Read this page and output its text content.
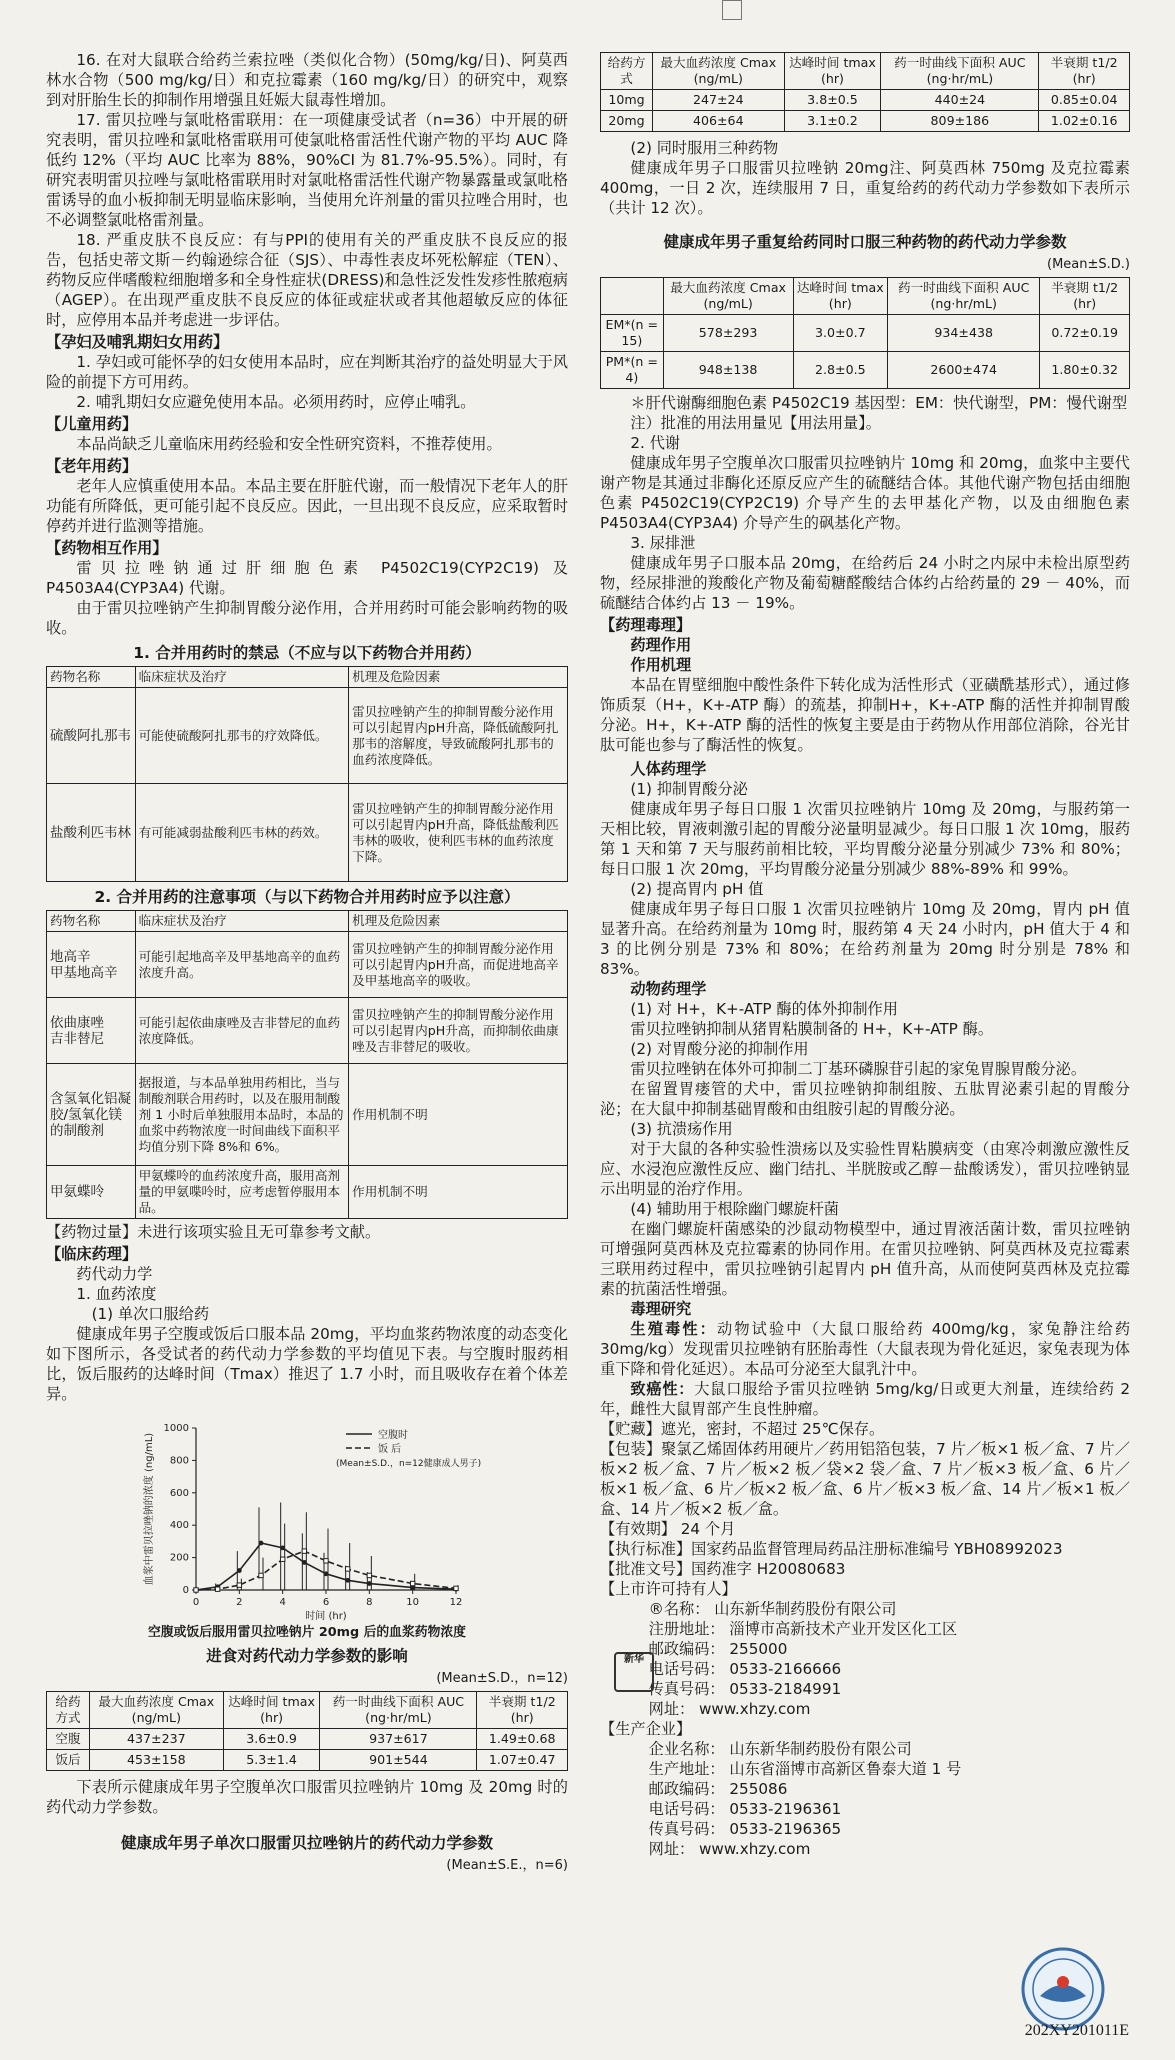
16. 在对大鼠联合给药兰索拉唑（类似化合物）(50mg/kg/日)、阿莫西林水合物（500 mg/kg/日）和克拉霉素（160 mg/kg/日）的研究中，观察到对肝胎生长的抑制作用增强且妊娠大鼠毒性增加。

17. 雷贝拉唑与氯吡格雷联用：在一项健康受试者（n=36）中开展的研究表明，雷贝拉唑和氯吡格雷联用可使氯吡格雷活性代谢产物的平均 AUC 降低约 12%（平均 AUC 比率为 88%，90%CI 为 81.7%-95.5%）。同时，有研究表明雷贝拉唑与氯吡格雷联用时对氯吡格雷活性代谢产物暴露量或氯吡格雷诱导的血小板抑制无明显临床影响，当使用允许剂量的雷贝拉唑合用时，也不必调整氯吡格雷剂量。

18. 严重皮肤不良反应：有与PPI的使用有关的严重皮肤不良反应的报告，包括史蒂文斯－约翰逊综合征（SJS）、中毒性表皮坏死松解症（TEN）、药物反应伴嗜酸粒细胞增多和全身性症状(DRESS)和急性泛发性发疹性脓疱病（AGEP）。在出现严重皮肤不良反应的体征或症状或者其他超敏反应的体征时，应停用本品并考虑进一步评估。

【孕妇及哺乳期妇女用药】

1. 孕妇或可能怀孕的妇女使用本品时，应在判断其治疗的益处明显大于风险的前提下方可用药。

2. 哺乳期妇女应避免使用本品。必须用药时，应停止哺乳。

【儿童用药】

本品尚缺乏儿童临床用药经验和安全性研究资料，不推荐使用。

【老年用药】

老年人应慎重使用本品。本品主要在肝脏代谢，而一般情况下老年人的肝功能有所降低，更可能引起不良反应。因此，一旦出现不良反应，应采取暂时停药并进行监测等措施。

【药物相互作用】

雷贝拉唑钠通过肝细胞色素 P4502C19(CYP2C19) 及 P4503A4(CYP3A4) 代谢。

由于雷贝拉唑钠产生抑制胃酸分泌作用，合并用药时可能会影响药物的吸收。

1. 合并用药时的禁忌（不应与以下药物合并用药）
药物名称	临床症状及治疗	机理及危险因素
硫酸阿扎那韦	可能使硫酸阿扎那韦的疗效降低。	雷贝拉唑钠产生的抑制胃酸分泌作用可以引起胃内pH升高，降低硫酸阿扎那韦的溶解度，导致硫酸阿扎那韦的血药浓度降低。
盐酸利匹韦林	有可能减弱盐酸利匹韦林的药效。	雷贝拉唑钠产生的抑制胃酸分泌作用可以引起胃内pH升高，降低盐酸利匹韦林的吸收，使利匹韦林的血药浓度下降。
2. 合并用药的注意事项（与以下药物合并用药时应予以注意）
药物名称	临床症状及治疗	机理及危险因素
地高辛
甲基地高辛	可能引起地高辛及甲基地高辛的血药浓度升高。	雷贝拉唑钠产生的抑制胃酸分泌作用可以引起胃内pH升高，而促进地高辛及甲基地高辛的吸收。
依曲康唑
吉非替尼	可能引起依曲康唑及吉非替尼的血药浓度降低。	雷贝拉唑钠产生的抑制胃酸分泌作用可以引起胃内pH升高，而抑制依曲康唑及吉非替尼的吸收。
含氢氧化铝凝胶/氢氧化镁的制酸剂	据报道，与本品单独用药相比，当与制酸剂联合用药时，以及在服用制酸剂 1 小时后单独服用本品时，本品的血浆中药物浓度一时间曲线下面积平均值分别下降 8%和 6%。	作用机制不明
甲氨蝶呤	甲氨蝶呤的血药浓度升高，服用高剂量的甲氨喋呤时，应考虑暂停服用本品。	作用机制不明

【药物过量】未进行该项实验且无可靠参考文献。

【临床药理】

药代动力学

1. 血药浓度

(1) 单次口服给药

健康成年男子空腹或饭后口服本品 20mg，平均血浆药物浓度的动态变化如下图所示，各受试者的药代动力学参数的平均值见下表。与空腹时服药相比，饭后服药的达峰时间（Tmax）推迟了 1.7 小时，而且吸收存在着个体差异。

0	2	4	6	8	10	12
1000
800
600
400
200
0
时间 (hr)
血浆中雷贝拉唑钠的浓度 (ng/mL)	空腹时
饭 后
(Mean±S.D.，n=12健康成人男子)
空腹或饭后服用雷贝拉唑钠片 20mg 后的血浆药物浓度
进食对药代动力学参数的影响
(Mean±S.D.，n=12)
给药方式	最大血药浓度 Cmax (ng/mL)	达峰时间 tmax (hr)	药一时曲线下面积 AUC (ng·hr/mL)	半衰期 t1/2 (hr)
空腹	437±237	3.6±0.9	937±617	1.49±0.68
饭后	453±158	5.3±1.4	901±544	1.07±0.47

下表所示健康成年男子空腹单次口服雷贝拉唑钠片 10mg 及 20mg 时的药代动力学参数。

健康成年男子单次口服雷贝拉唑钠片的药代动力学参数
(Mean±S.E.，n=6)
给药方式	最大血药浓度 Cmax (ng/mL)	达峰时间 tmax (hr)	药一时曲线下面积 AUC (ng·hr/mL)	半衰期 t1/2 (hr)
10mg	247±24	3.8±0.5	440±24	0.85±0.04
20mg	406±64	3.1±0.2	809±186	1.02±0.16

(2) 同时服用三种药物

健康成年男子口服雷贝拉唑钠 20mg注、阿莫西林 750mg 及克拉霉素 400mg，一日 2 次，连续服用 7 日，重复给药的药代动力学参数如下表所示（共计 12 次）。

健康成年男子重复给药同时口服三种药物的药代动力学参数
(Mean±S.D.)
	最大血药浓度 Cmax (ng/mL)	达峰时间 tmax (hr)	药一时曲线下面积 AUC (ng·hr/mL)	半衰期 t1/2 (hr)
EM*(n = 15)	578±293	3.0±0.7	934±438	0.72±0.19
PM*(n = 4)	948±138	2.8±0.5	2600±474	1.80±0.32

＊肝代谢酶细胞色素 P4502C19 基因型：EM：快代谢型，PM：慢代谢型

注）批准的用法用量见【用法用量】。

2. 代谢

健康成年男子空腹单次口服雷贝拉唑钠片 10mg 和 20mg，血浆中主要代谢产物是其通过非酶化还原反应产生的硫醚结合体。其他代谢产物包括由细胞色素 P4502C19(CYP2C19) 介导产生的去甲基化产物，以及由细胞色素 P4503A4(CYP3A4) 介导产生的砜基化产物。

3. 尿排泄

健康成年男子口服本品 20mg，在给药后 24 小时之内尿中未检出原型药物，经尿排泄的羧酸化产物及葡萄糖醛酸结合体约占给药量的 29 － 40%，而硫醚结合体约占 13 － 19%。

【药理毒理】

药理作用

作用机理

本品在胃壁细胞中酸性条件下转化成为活性形式（亚磺酰基形式），通过修饰质泵（H+，K+-ATP 酶）的巯基，抑制H+，K+-ATP 酶的活性并抑制胃酸分泌。H+，K+-ATP 酶的活性的恢复主要是由于药物从作用部位消除，谷光甘肽可能也参与了酶活性的恢复。

人体药理学

(1) 抑制胃酸分泌

健康成年男子每日口服 1 次雷贝拉唑钠片 10mg 及 20mg，与服药第一天相比较，胃液刺激引起的胃酸分泌量明显减少。每日口服 1 次 10mg，服药第 1 天和第 7 天与服药前相比较，平均胃酸分泌量分别减少 73% 和 80%；每日口服 1 次 20mg，平均胃酸分泌量分别减少 88%-89% 和 99%。

(2) 提高胃内 pH 值

健康成年男子每日口服 1 次雷贝拉唑钠片 10mg 及 20mg，胃内 pH 值显著升高。在给药剂量为 10mg 时，服药第 4 天 24 小时内，pH 值大于 4 和 3 的比例分别是 73% 和 80%；在给药剂量为 20mg 时分别是 78% 和 83%。

动物药理学

(1) 对 H+，K+-ATP 酶的体外抑制作用

雷贝拉唑钠抑制从猪胃粘膜制备的 H+，K+-ATP 酶。

(2) 对胃酸分泌的抑制作用

雷贝拉唑钠在体外可抑制二丁基环磷腺苷引起的家兔胃腺胃酸分泌。

在留置胃瘘管的犬中，雷贝拉唑钠抑制组胺、五肽胃泌素引起的胃酸分泌；在大鼠中抑制基础胃酸和由组胺引起的胃酸分泌。

(3) 抗溃疡作用

对于大鼠的各种实验性溃疡以及实验性胃粘膜病变（由寒冷刺激应激性反应、水浸泡应激性反应、幽门结扎、半胱胺或乙醇－盐酸诱发），雷贝拉唑钠显示出明显的治疗作用。

(4) 辅助用于根除幽门螺旋杆菌

在幽门螺旋杆菌感染的沙鼠动物模型中，通过胃液活菌计数，雷贝拉唑钠可增强阿莫西林及克拉霉素的协同作用。在雷贝拉唑钠、阿莫西林及克拉霉素三联用药过程中，雷贝拉唑钠引起胃内 pH 值升高，从而使阿莫西林及克拉霉素的抗菌活性增强。

毒理研究

生殖毒性：动物试验中（大鼠口服给药 400mg/kg，家兔静注给药 30mg/kg）发现雷贝拉唑钠有胚胎毒性（大鼠表现为骨化延迟，家兔表现为体重下降和骨化延迟）。本品可分泌至大鼠乳汁中。

致癌性：大鼠口服给予雷贝拉唑钠 5mg/kg/日或更大剂量，连续给药 2 年，雌性大鼠胃部产生良性肿瘤。

【贮藏】遮光，密封，不超过 25℃保存。

【包装】聚氯乙烯固体药用硬片／药用铝箔包装，7 片／板×1 板／盒、7 片／板×2 板／盒、7 片／板×2 板／袋×2 袋／盒、7 片／板×3 板／盒、6 片／板×1 板／盒、6 片／板×2 板／盒、6 片／板×3 板／盒、14 片／板×1 板／盒、14 片／板×2 板／盒。

【有效期】 24 个月

【执行标准】国家药品监督管理局药品注册标准编号 YBH08992023

【批准文号】国药准字 H20080683

【上市许可持有人】

®名称： 山东新华制药股份有限公司

注册地址： 淄博市高新技术产业开发区化工区

邮政编码： 255000

电话号码： 0533-2166666

传真号码： 0533-2184991

网址： www.xhzy.com

【生产企业】

企业名称： 山东新华制药股份有限公司

生产地址： 山东省淄博市高新区鲁泰大道 1 号

邮政编码： 255086

电话号码： 0533-2196361

传真号码： 0533-2196365

网址： www.xhzy.com

新华
202XY201011E
